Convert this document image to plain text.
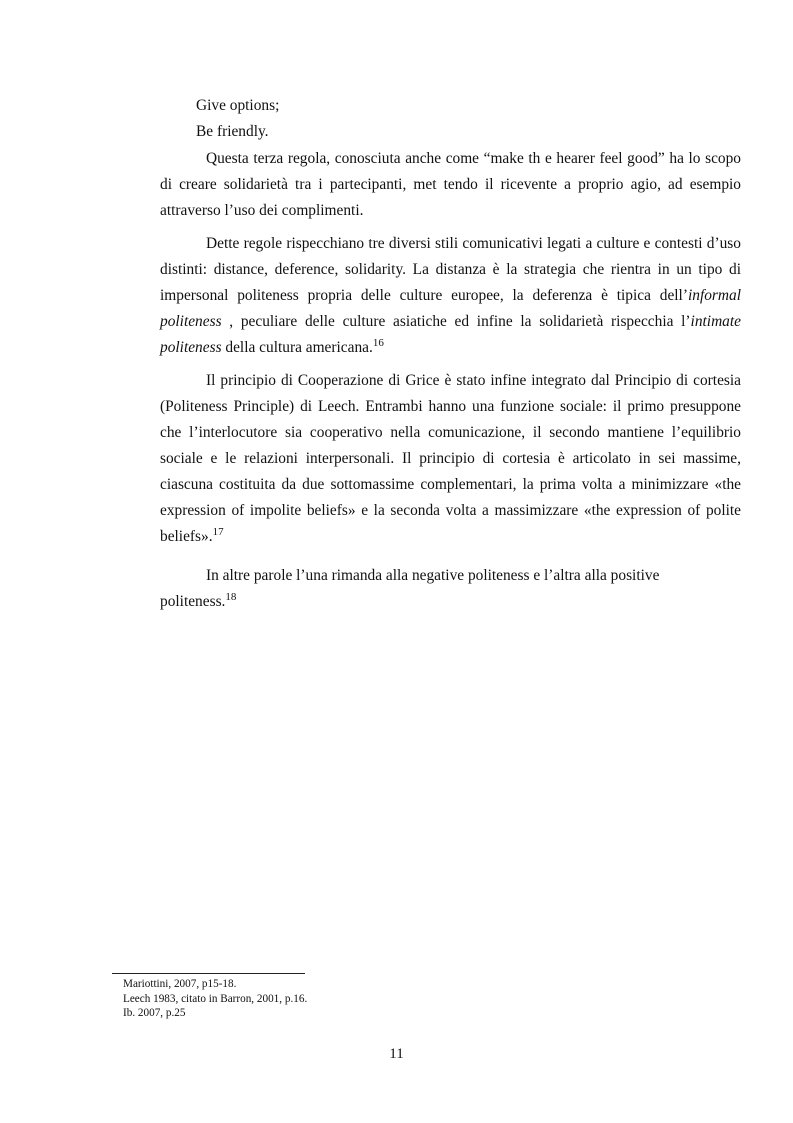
Give options;
Be friendly.

Questa terza regola, conosciuta anche come “make th e hearer feel good” ha lo scopo di creare solidarietà tra i partecipanti, met tendo il ricevente a proprio agio, ad esempio attraverso l’uso dei complimenti.

Dette regole rispecchiano tre diversi stili comunicativi legati a culture e contesti d’uso distinti: distance, deference, solidarity. La distanza è la strategia che rientra in un tipo di impersonal politeness propria delle culture europee, la deferenza è tipica dell’informal politeness , peculiare delle culture asiatiche ed infine la solidarietà rispecchia l’intimate politeness della cultura americana.$^{16}$

Il principio di Cooperazione di Grice è stato infine integrato dal Principio di cortesia (Politeness Principle) di Leech. Entrambi hanno una funzione sociale: il primo presuppone che l’interlocutore sia cooperativo nella comunicazione, il secondo mantiene l’equilibrio sociale e le relazioni interpersonali. Il principio di cortesia è articolato in sei massime, ciascuna costituita da due sottomassime complementari, la prima volta a minimizzare «the expression of impolite beliefs» e la seconda volta a massimizzare «the expression of polite beliefs».$^{17}$

In altre parole l’una rimanda alla negative politeness e l’altra alla positive
politeness.$^{18}$
Mariottini, 2007, p15-18.
Leech 1983, citato in Barron, 2001, p.16.
Ib. 2007, p.25
11
